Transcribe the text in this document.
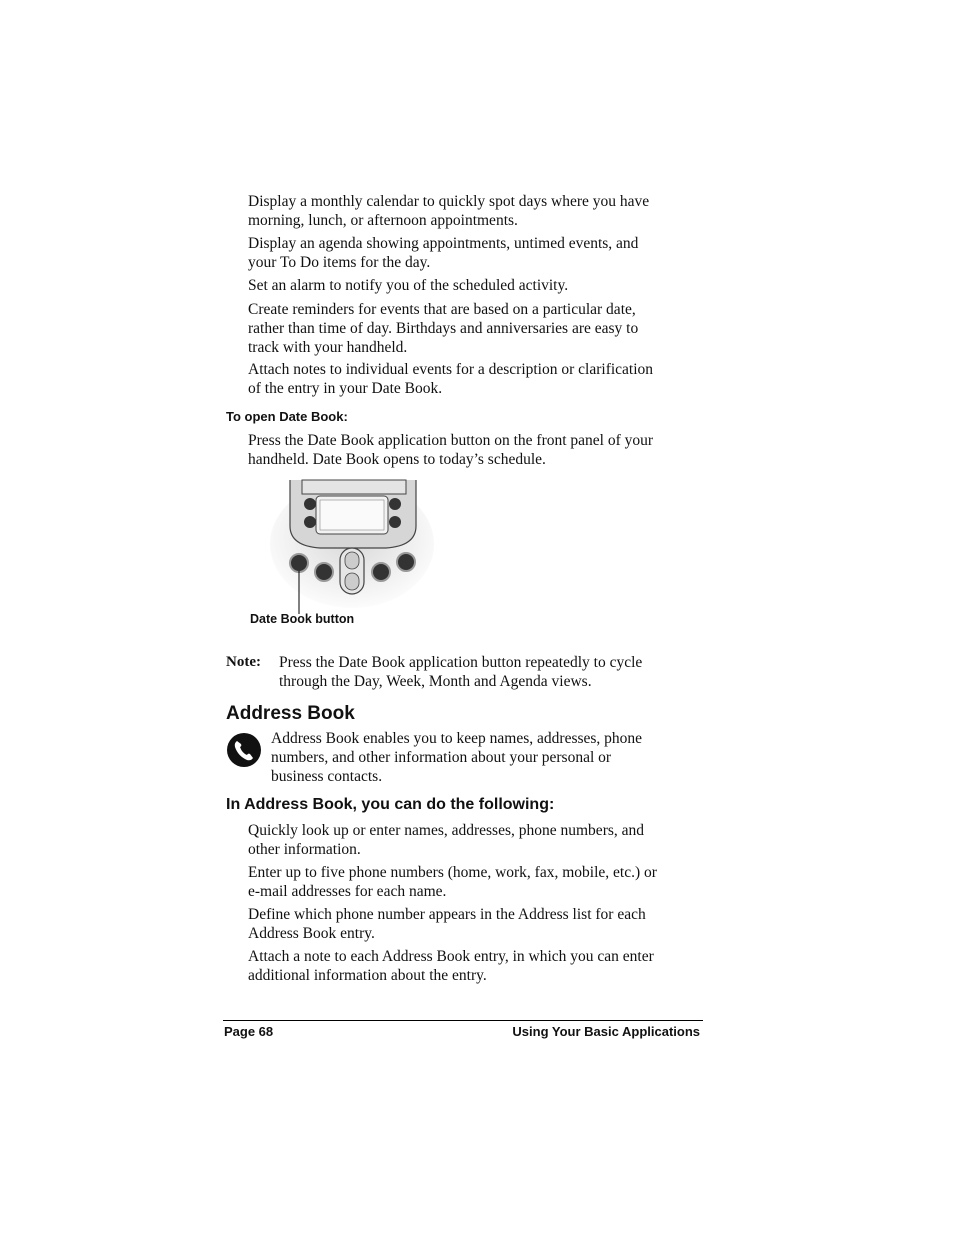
Display a monthly calendar to quickly spot days where you have
morning, lunch, or afternoon appointments.
Display an agenda showing appointments, untimed events, and
your To Do items for the day.
Set an alarm to notify you of the scheduled activity.
Create reminders for events that are based on a particular date,
rather than time of day. Birthdays and anniversaries are easy to
track with your handheld.
Attach notes to individual events for a description or clarification
of the entry in your Date Book.
To open Date Book:
Press the Date Book application button on the front panel of your
handheld. Date Book opens to today’s schedule.
Date Book button
Note: Press the Date Book application button repeatedly to cycle
through the Day, Week, Month and Agenda views.
Address Book
Address Book enables you to keep names, addresses, phone
numbers, and other information about your personal or
business contacts.
In Address Book, you can do the following:
Quickly look up or enter names, addresses, phone numbers, and
other information.
Enter up to five phone numbers (home, work, fax, mobile, etc.) or
e-mail addresses for each name.
Define which phone number appears in the Address list for each
Address Book entry.
Attach a note to each Address Book entry, in which you can enter
additional information about the entry.
Page 68	Using Your Basic Applications
